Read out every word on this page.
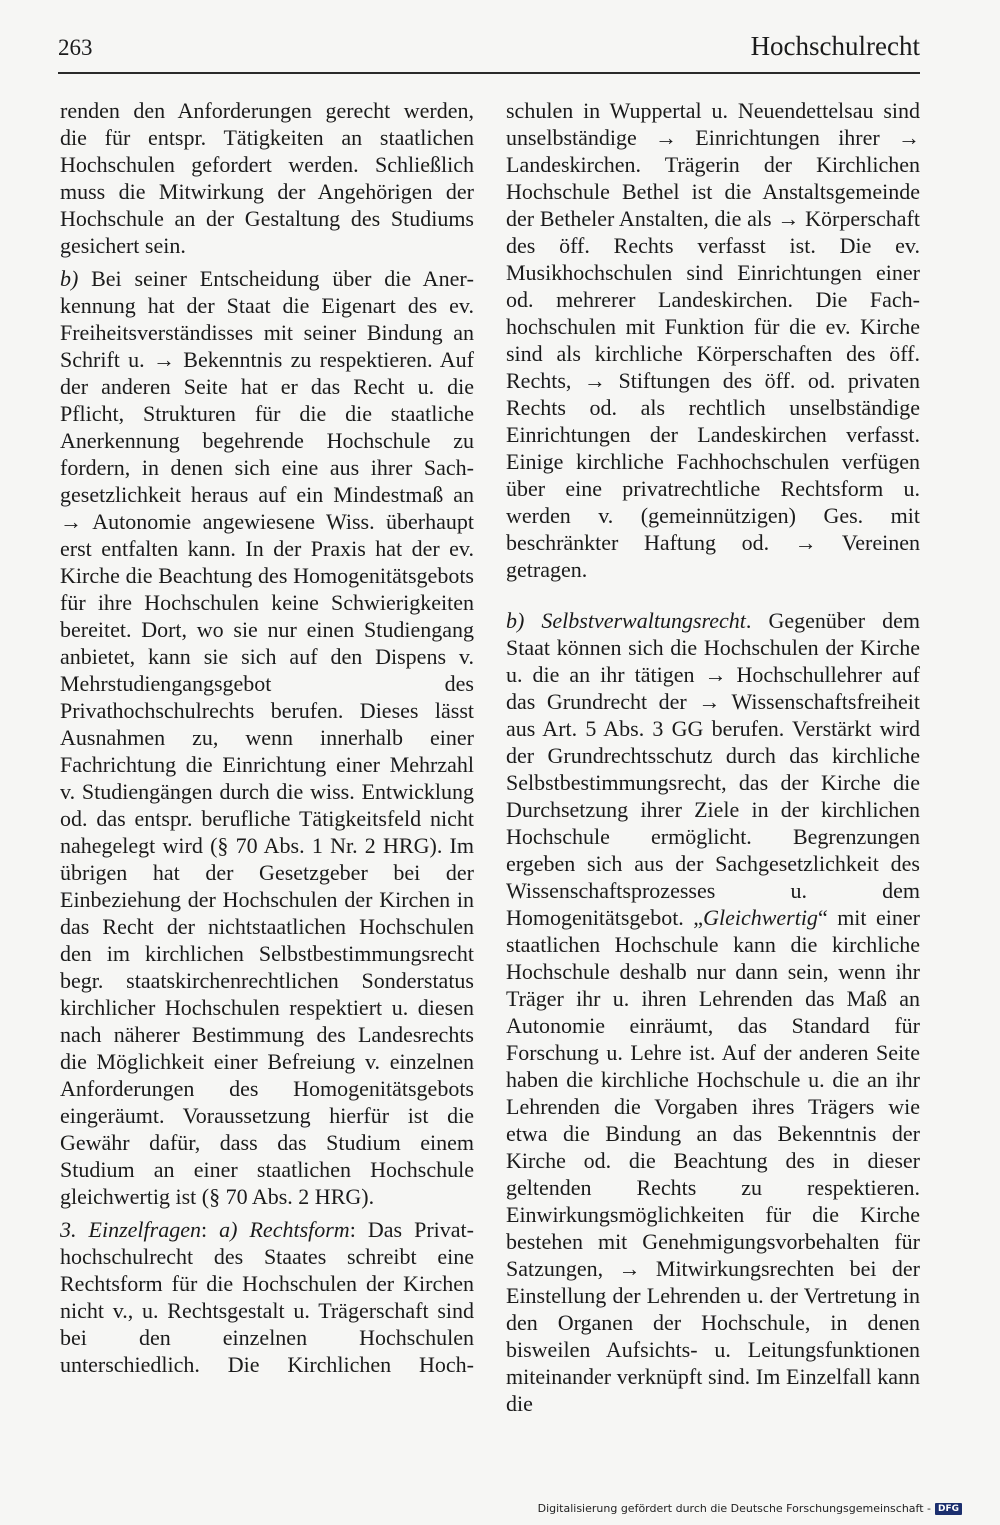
263	Hochschulrecht

renden den Anforderungen gerecht werden, die für entspr. Tätigkeiten an staatlichen Hochschulen gefordert werden. Schließlich muss die Mitwirkung der Angehörigen der Hochschule an der Gestaltung des Studiums gesichert sein.

b) Bei seiner Entscheidung über die Anerkennung hat der Staat die Eigenart des ev. Freiheitsverständisses mit seiner Bindung an Schrift u. → Bekenntnis zu respektieren. Auf der anderen Seite hat er das Recht u. die Pflicht, Strukturen für die die staatliche Anerkennung begehrende Hochschule zu fordern, in denen sich eine aus ihrer Sachgesetzlichkeit heraus auf ein Mindestmaß an → Autonomie angewiesene Wiss. überhaupt erst entfalten kann. In der Praxis hat der ev. Kirche die Beachtung des Homogenitätsgebots für ihre Hochschulen keine Schwierigkeiten bereitet. Dort, wo sie nur einen Studiengang anbietet, kann sie sich auf den Dispens v. Mehrstudiengangsgebot des Privathochschulrechts berufen. Dieses lässt Ausnahmen zu, wenn innerhalb einer Fachrichtung die Einrichtung einer Mehrzahl v. Studiengängen durch die wiss. Entwicklung od. das entspr. berufliche Tätigkeitsfeld nicht nahegelegt wird (§ 70 Abs. 1 Nr. 2 HRG). Im übrigen hat der Gesetzgeber bei der Einbeziehung der Hochschulen der Kirchen in das Recht der nichtstaatlichen Hochschulen den im kirchlichen Selbstbestimmungsrecht begr. staatskirchenrechtlichen Sonderstatus kirchlicher Hochschulen respektiert u. diesen nach näherer Bestimmung des Landesrechts die Möglichkeit einer Befreiung v. einzelnen Anforderungen des Homogenitätsgebots eingeräumt. Voraussetzung hierfür ist die Gewähr dafür, dass das Studium einem Studium an einer staatlichen Hochschule gleichwertig ist (§ 70 Abs. 2 HRG).

3. Einzelfragen: a) Rechtsform: Das Privathochschulrecht des Staates schreibt eine Rechtsform für die Hochschulen der Kirchen nicht v., u. Rechtsgestalt u. Trägerschaft sind bei den einzelnen Hochschulen unterschiedlich. Die Kirchlichen Hoch-

schulen in Wuppertal u. Neuendettelsau sind unselbständige → Einrichtungen ihrer → Landeskirchen. Trägerin der Kirchlichen Hochschule Bethel ist die Anstaltsgemeinde der Betheler Anstalten, die als → Körperschaft des öff. Rechts verfasst ist. Die ev. Musikhochschulen sind Einrichtungen einer od. mehrerer Landeskirchen. Die Fachhochschulen mit Funktion für die ev. Kirche sind als kirchliche Körperschaften des öff. Rechts, → Stiftungen des öff. od. privaten Rechts od. als rechtlich unselbständige Einrichtungen der Landeskirchen verfasst. Einige kirchliche Fachhochschulen verfügen über eine privatrechtliche Rechtsform u. werden v. (gemeinnützigen) Ges. mit beschränkter Haftung od. → Vereinen getragen.

b) Selbstverwaltungsrecht. Gegenüber dem Staat können sich die Hochschulen der Kirche u. die an ihr tätigen → Hochschullehrer auf das Grundrecht der → Wissenschaftsfreiheit aus Art. 5 Abs. 3 GG berufen. Verstärkt wird der Grundrechtsschutz durch das kirchliche Selbstbestimmungsrecht, das der Kirche die Durchsetzung ihrer Ziele in der kirchlichen Hochschule ermöglicht. Begrenzungen ergeben sich aus der Sachgesetzlichkeit des Wissenschaftsprozesses u. dem Homogenitätsgebot. „Gleichwertig“ mit einer staatlichen Hochschule kann die kirchliche Hochschule deshalb nur dann sein, wenn ihr Träger ihr u. ihren Lehrenden das Maß an Autonomie einräumt, das Standard für Forschung u. Lehre ist. Auf der anderen Seite haben die kirchliche Hochschule u. die an ihr Lehrenden die Vorgaben ihres Trägers wie etwa die Bindung an das Bekenntnis der Kirche od. die Beachtung des in dieser geltenden Rechts zu respektieren. Einwirkungsmöglichkeiten für die Kirche bestehen mit Genehmigungsvorbehalten für Satzungen, → Mitwirkungsrechten bei der Einstellung der Lehrenden u. der Vertretung in den Organen der Hochschule, in denen bisweilen Aufsichts- u. Leitungsfunktionen miteinander verknüpft sind. Im Einzelfall kann die

Digitalisierung gefördert durch die Deutsche Forschungsgemeinschaft - DFG
